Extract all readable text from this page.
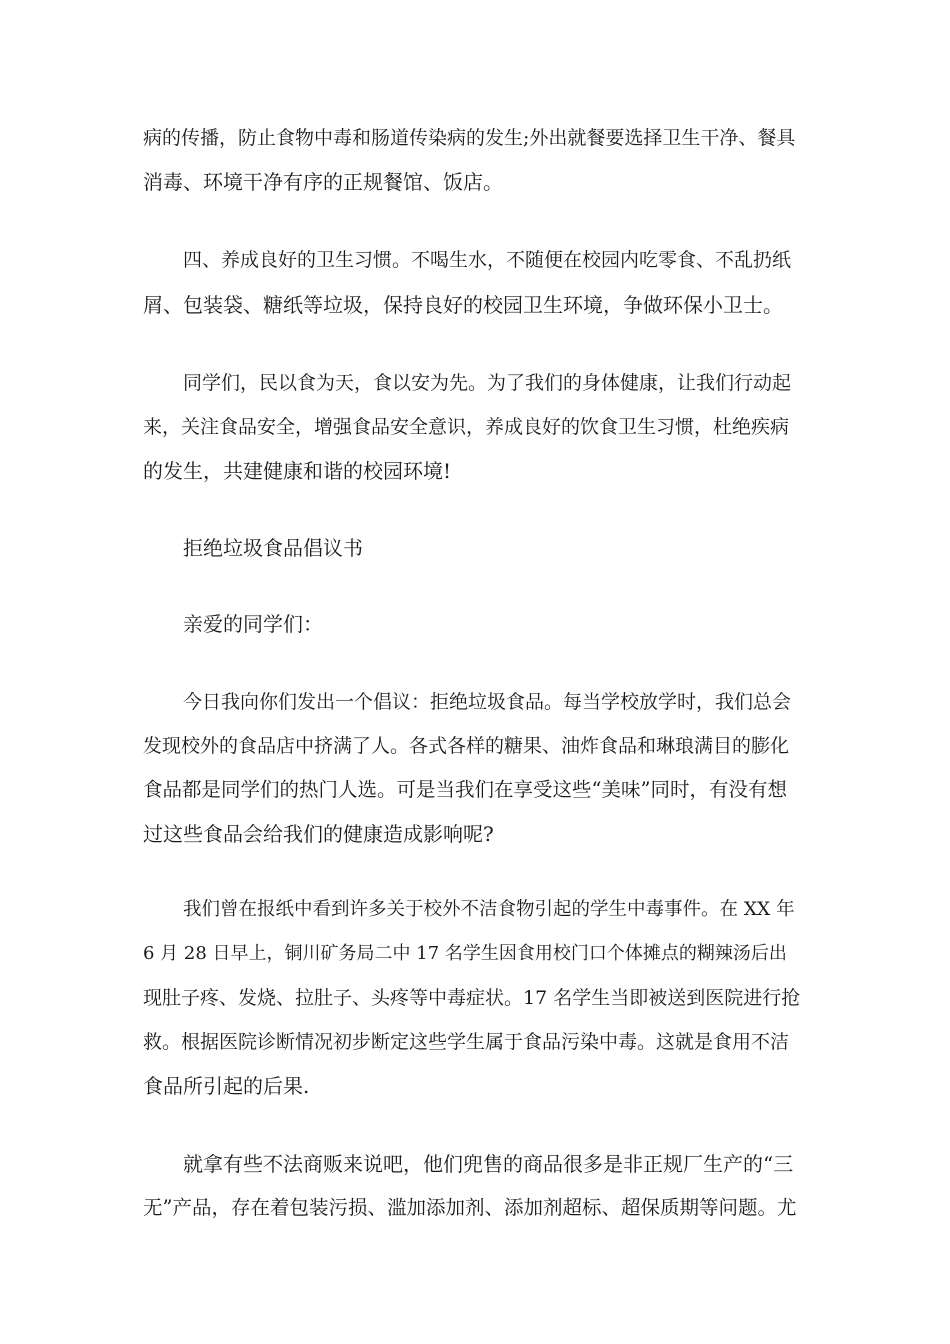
病的传播，防止食物中毒和肠道传染病的发生;外出就餐要选择卫生干净、餐具
消毒、环境干净有序的正规餐馆、饭店。
四、养成良好的卫生习惯。不喝生水，不随便在校园内吃零食、不乱扔纸
屑、包装袋、糖纸等垃圾，保持良好的校园卫生环境，争做环保小卫士。
同学们，民以食为天，食以安为先。为了我们的身体健康，让我们行动起
来，关注食品安全，增强食品安全意识，养成良好的饮食卫生习惯，杜绝疾病
的发生，共建健康和谐的校园环境!
拒绝垃圾食品倡议书
亲爱的同学们：
今日我向你们发出一个倡议：拒绝垃圾食品。每当学校放学时，我们总会
发现校外的食品店中挤满了人。各式各样的糖果、油炸食品和琳琅满目的膨化
食品都是同学们的热门人选。可是当我们在享受这些“美味”同时，有没有想
过这些食品会给我们的健康造成影响呢?
我们曾在报纸中看到许多关于校外不洁食物引起的学生中毒事件。在 XX 年
6 月 28 日早上，铜川矿务局二中 17 名学生因食用校门口个体摊点的糊辣汤后出
现肚子疼、发烧、拉肚子、头疼等中毒症状。17 名学生当即被送到医院进行抢
救。根据医院诊断情况初步断定这些学生属于食品污染中毒。这就是食用不洁
食品所引起的后果.
就拿有些不法商贩来说吧，他们兜售的商品很多是非正规厂生产的“三
无”产品，存在着包装污损、滥加添加剂、添加剂超标、超保质期等问题。尤
